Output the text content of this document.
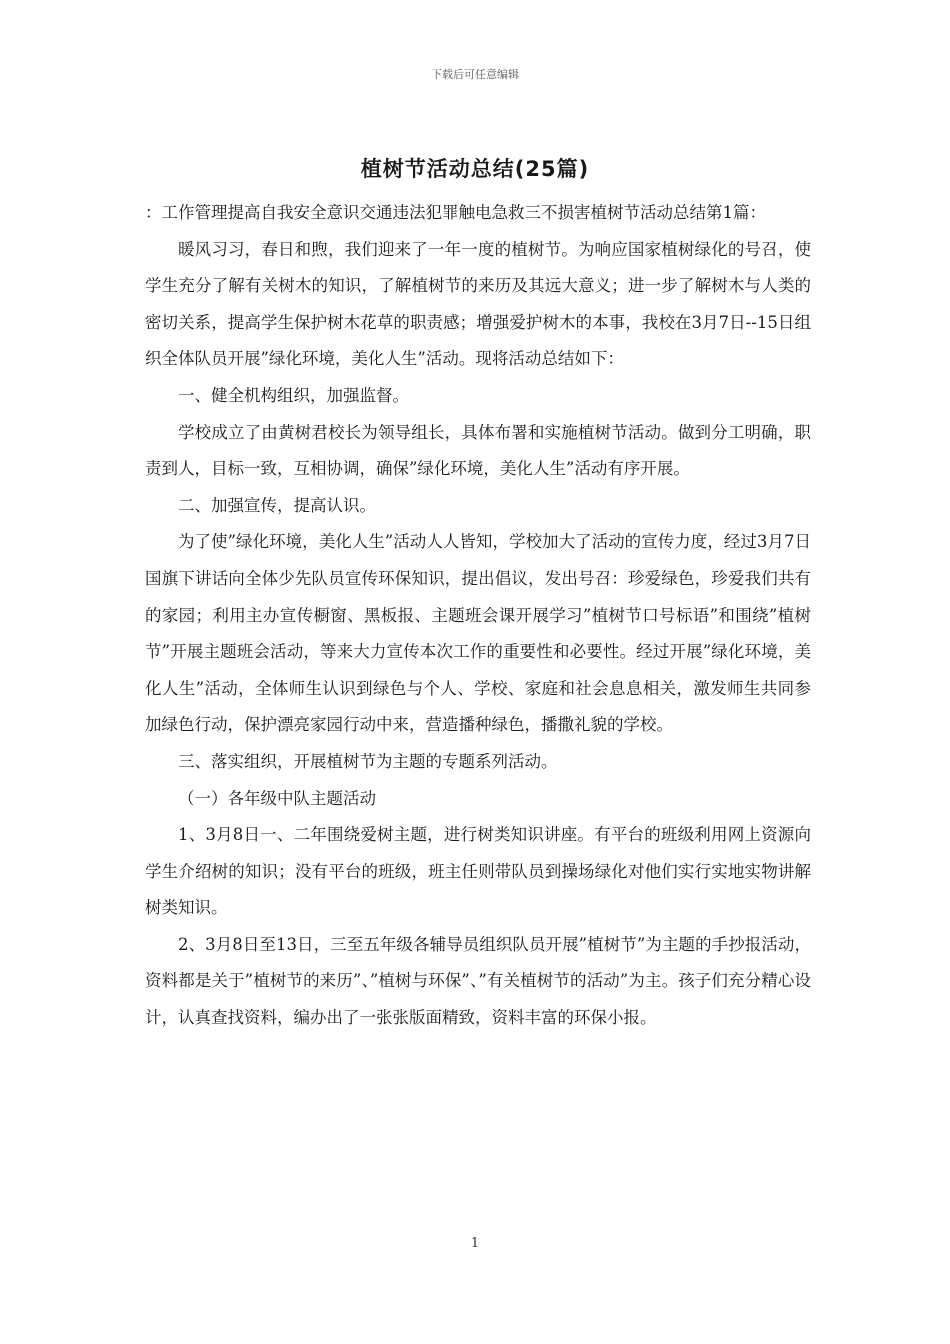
下载后可任意编辑
植树节活动总结(25篇)

：工作管理提高自我安全意识交通违法犯罪触电急救三不损害植树节活动总结第1篇：

暖风习习，春日和煦，我们迎来了一年一度的植树节。为响应国家植树绿化的号召，使学生充分了解有关树木的知识，了解植树节的来历及其远大意义；进一步了解树木与人类的密切关系，提高学生保护树木花草的职责感；增强爱护树木的本事，我校在3月7日--15日组织全体队员开展”绿化环境，美化人生”活动。现将活动总结如下：

一、健全机构组织，加强监督。

学校成立了由黄树君校长为领导组长，具体布署和实施植树节活动。做到分工明确，职责到人，目标一致，互相协调，确保”绿化环境，美化人生”活动有序开展。

二、加强宣传，提高认识。

为了使”绿化环境，美化人生”活动人人皆知，学校加大了活动的宣传力度，经过3月7日国旗下讲话向全体少先队员宣传环保知识，提出倡议，发出号召：珍爱绿色，珍爱我们共有的家园；利用主办宣传橱窗、黑板报、主题班会课开展学习”植树节口号标语”和围绕”植树节”开展主题班会活动，等来大力宣传本次工作的重要性和必要性。经过开展”绿化环境，美化人生”活动，全体师生认识到绿色与个人、学校、家庭和社会息息相关，激发师生共同参加绿色行动，保护漂亮家园行动中来，营造播种绿色，播撒礼貌的学校。

三、落实组织，开展植树节为主题的专题系列活动。

（一）各年级中队主题活动

1、3月8日一、二年围绕爱树主题，进行树类知识讲座。有平台的班级利用网上资源向学生介绍树的知识；没有平台的班级，班主任则带队员到操场绿化对他们实行实地实物讲解树类知识。

2、3月8日至13日，三至五年级各辅导员组织队员开展”植树节”为主题的手抄报活动，资料都是关于”植树节的来历”、”植树与环保”、”有关植树节的活动”为主。孩子们充分精心设计，认真查找资料，编办出了一张张版面精致，资料丰富的环保小报。

1
